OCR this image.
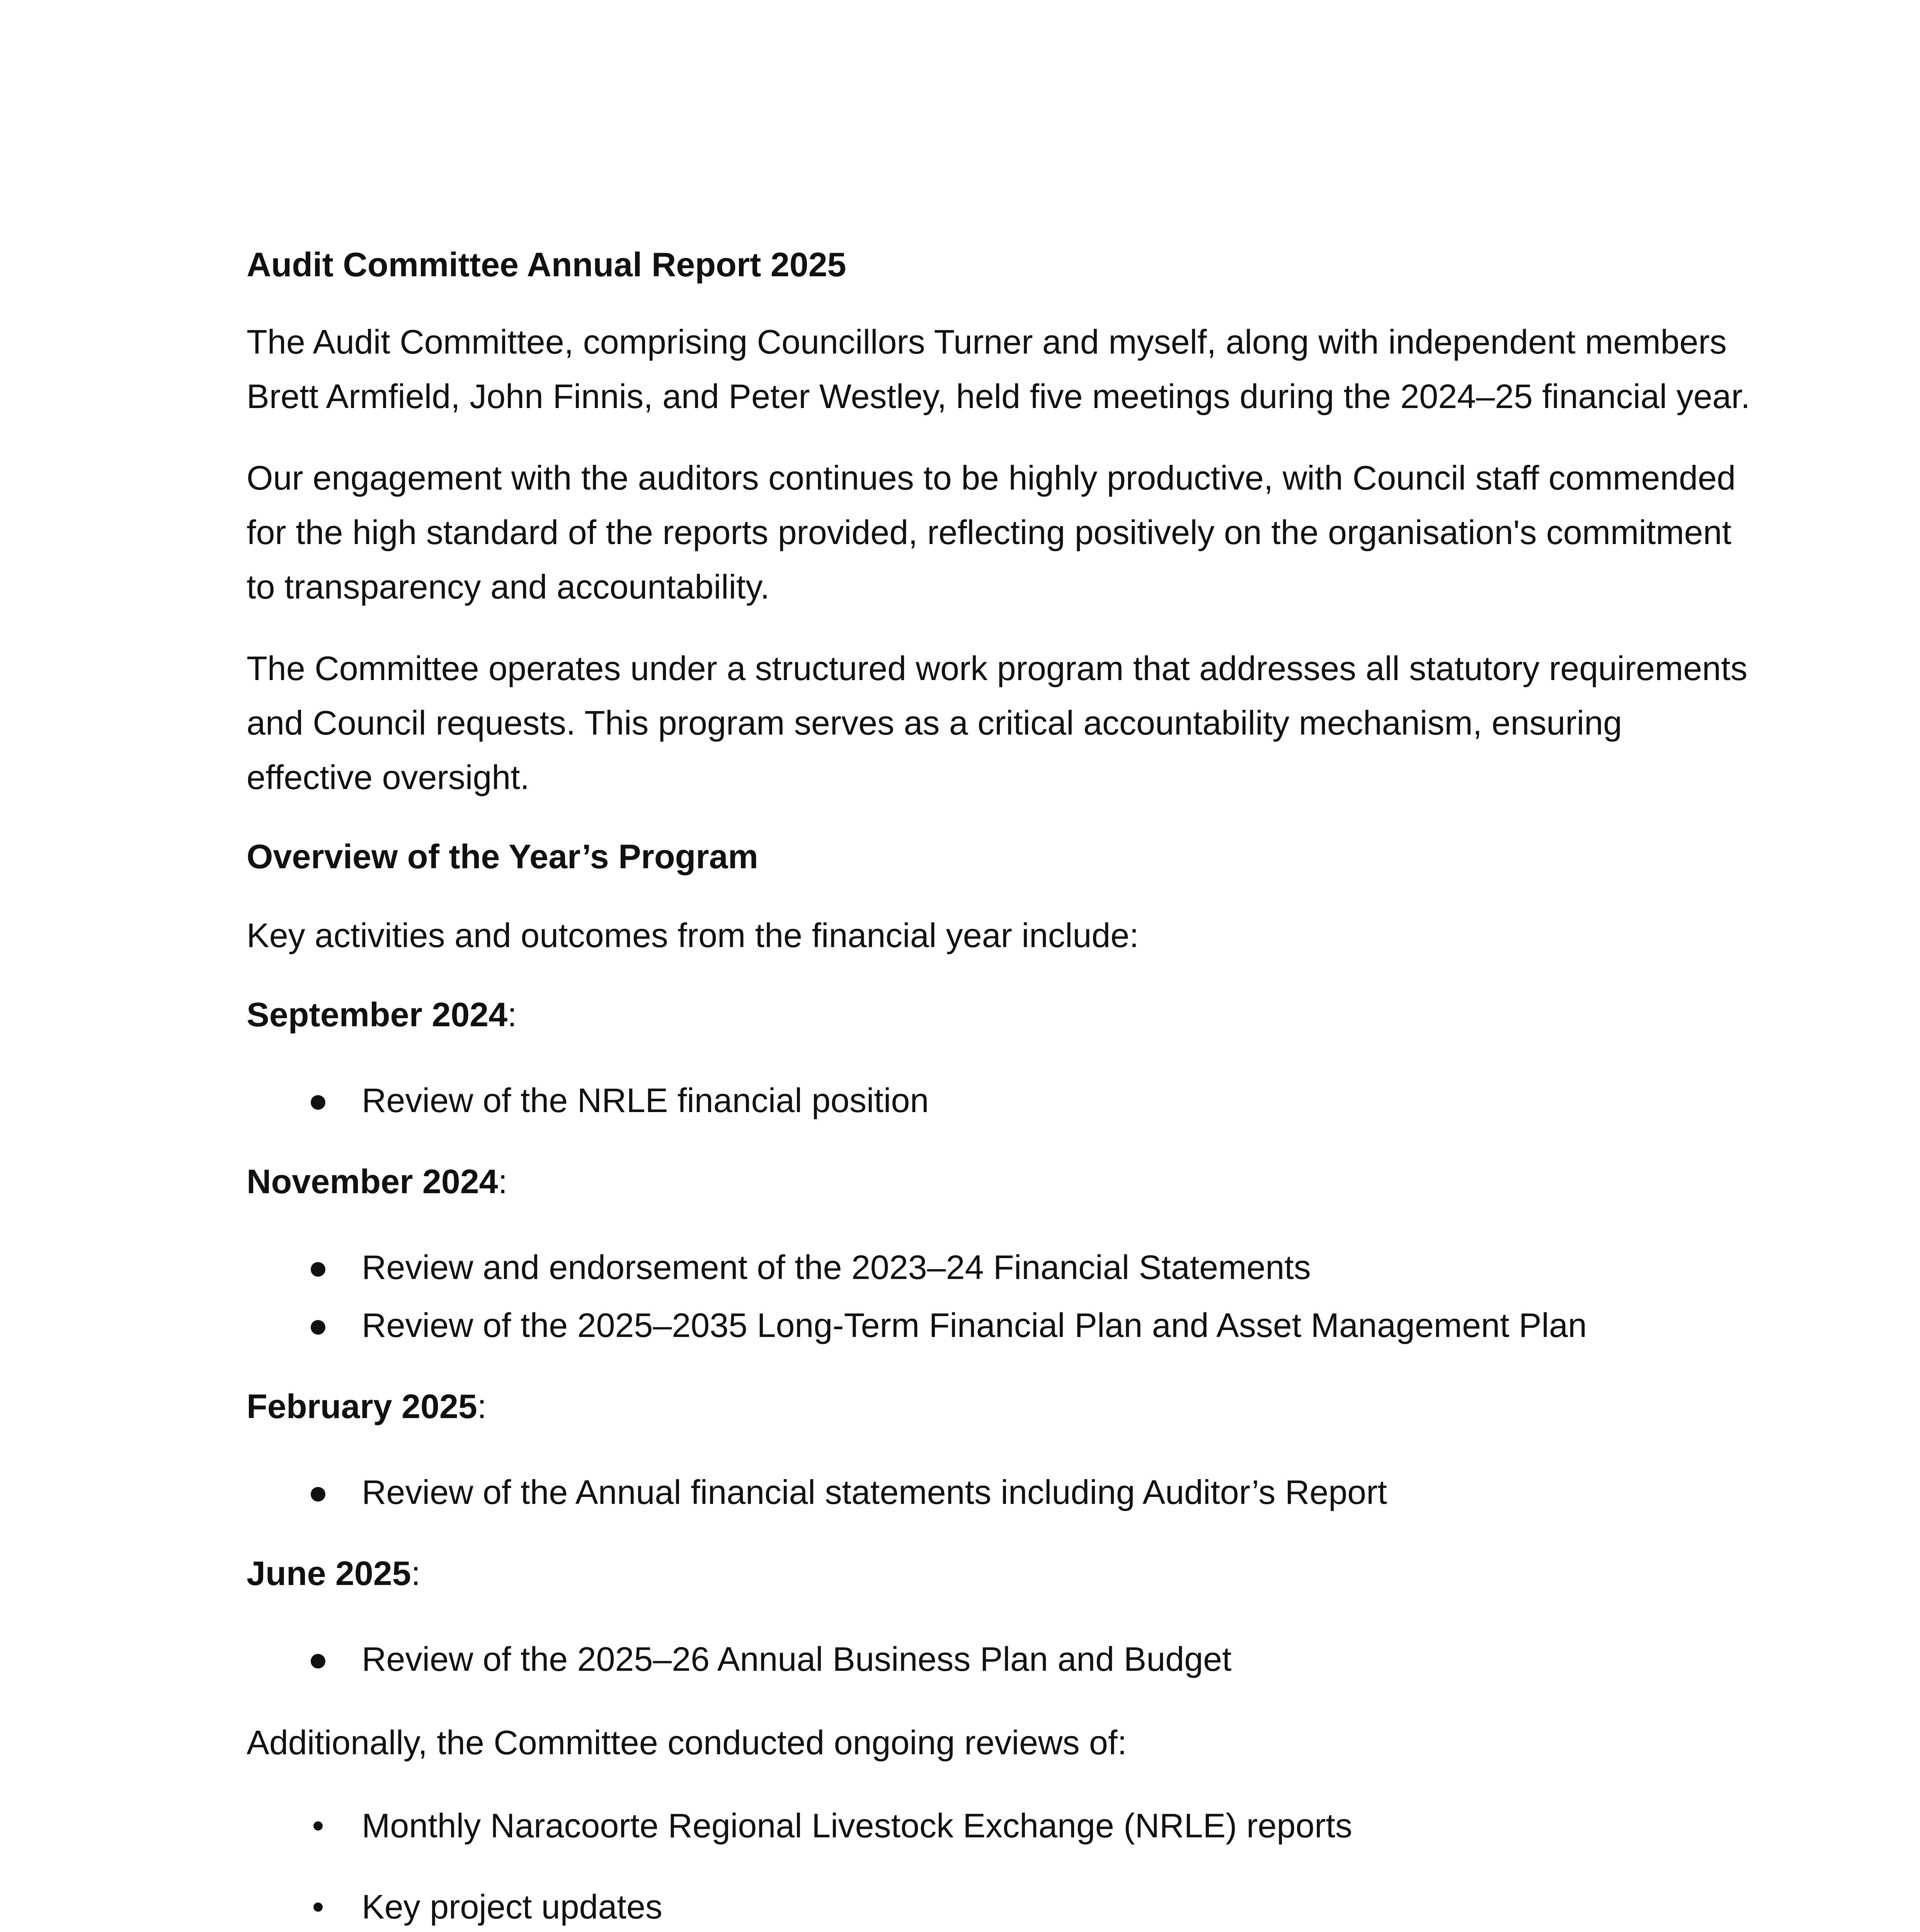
Audit Committee Annual Report 2025

The Audit Committee, comprising Councillors Turner and myself, along with independent members Brett Armfield, John Finnis, and Peter Westley, held five meetings during the 2024–25 financial year.

Our engagement with the auditors continues to be highly productive, with Council staff commended for the high standard of the reports provided, reflecting positively on the organisation's commitment to transparency and accountability.

The Committee operates under a structured work program that addresses all statutory requirements and Council requests. This program serves as a critical accountability mechanism, ensuring effective oversight.

Overview of the Year’s Program

Key activities and outcomes from the financial year include:

September 2024:

● Review of the NRLE financial position

November 2024:

● Review and endorsement of the 2023–24 Financial Statements
● Review of the 2025–2035 Long-Term Financial Plan and Asset Management Plan

February 2025:

● Review of the Annual financial statements including Auditor’s Report

June 2025:

● Review of the 2025–26 Annual Business Plan and Budget

Additionally, the Committee conducted ongoing reviews of:

• Monthly Naracoorte Regional Livestock Exchange (NRLE) reports
• Key project updates
